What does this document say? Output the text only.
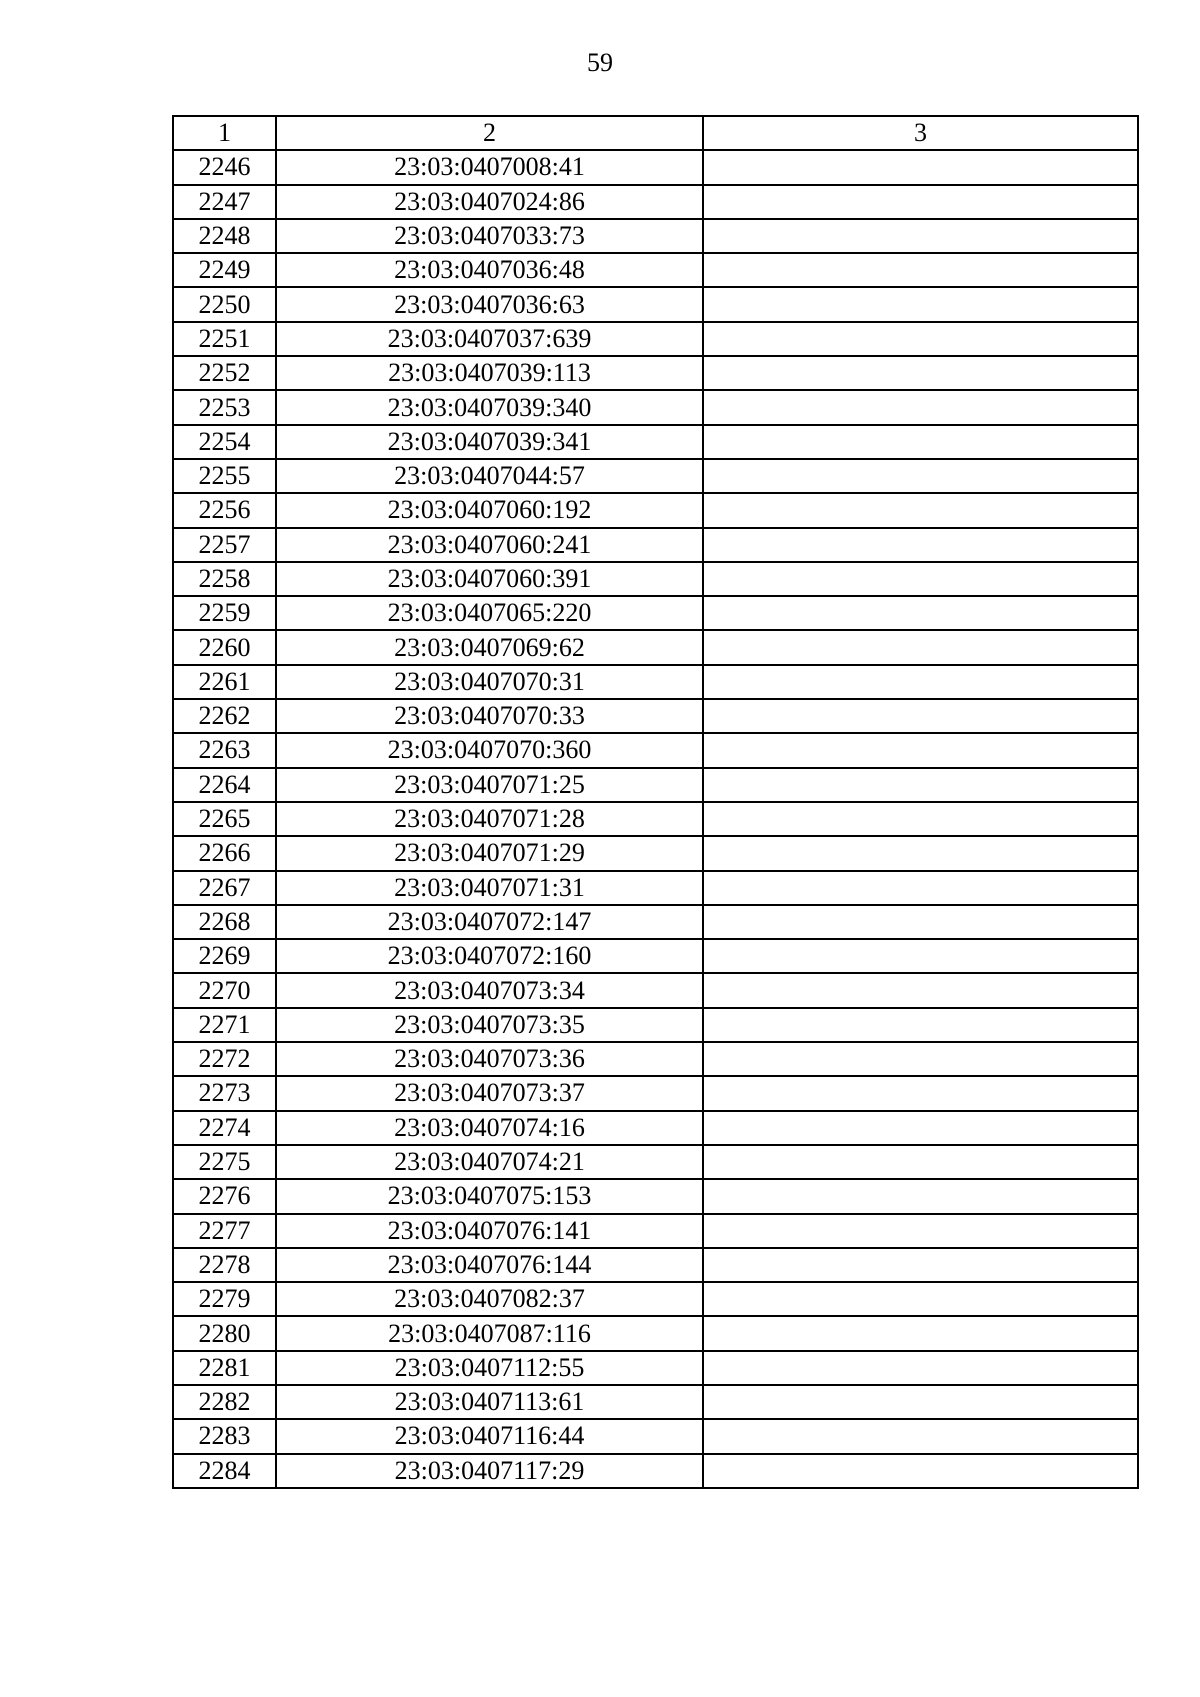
59
1	2	3
2246	23:03:0407008:41	
2247	23:03:0407024:86	
2248	23:03:0407033:73	
2249	23:03:0407036:48	
2250	23:03:0407036:63	
2251	23:03:0407037:639	
2252	23:03:0407039:113	
2253	23:03:0407039:340	
2254	23:03:0407039:341	
2255	23:03:0407044:57	
2256	23:03:0407060:192	
2257	23:03:0407060:241	
2258	23:03:0407060:391	
2259	23:03:0407065:220	
2260	23:03:0407069:62	
2261	23:03:0407070:31	
2262	23:03:0407070:33	
2263	23:03:0407070:360	
2264	23:03:0407071:25	
2265	23:03:0407071:28	
2266	23:03:0407071:29	
2267	23:03:0407071:31	
2268	23:03:0407072:147	
2269	23:03:0407072:160	
2270	23:03:0407073:34	
2271	23:03:0407073:35	
2272	23:03:0407073:36	
2273	23:03:0407073:37	
2274	23:03:0407074:16	
2275	23:03:0407074:21	
2276	23:03:0407075:153	
2277	23:03:0407076:141	
2278	23:03:0407076:144	
2279	23:03:0407082:37	
2280	23:03:0407087:116	
2281	23:03:0407112:55	
2282	23:03:0407113:61	
2283	23:03:0407116:44	
2284	23:03:0407117:29	
